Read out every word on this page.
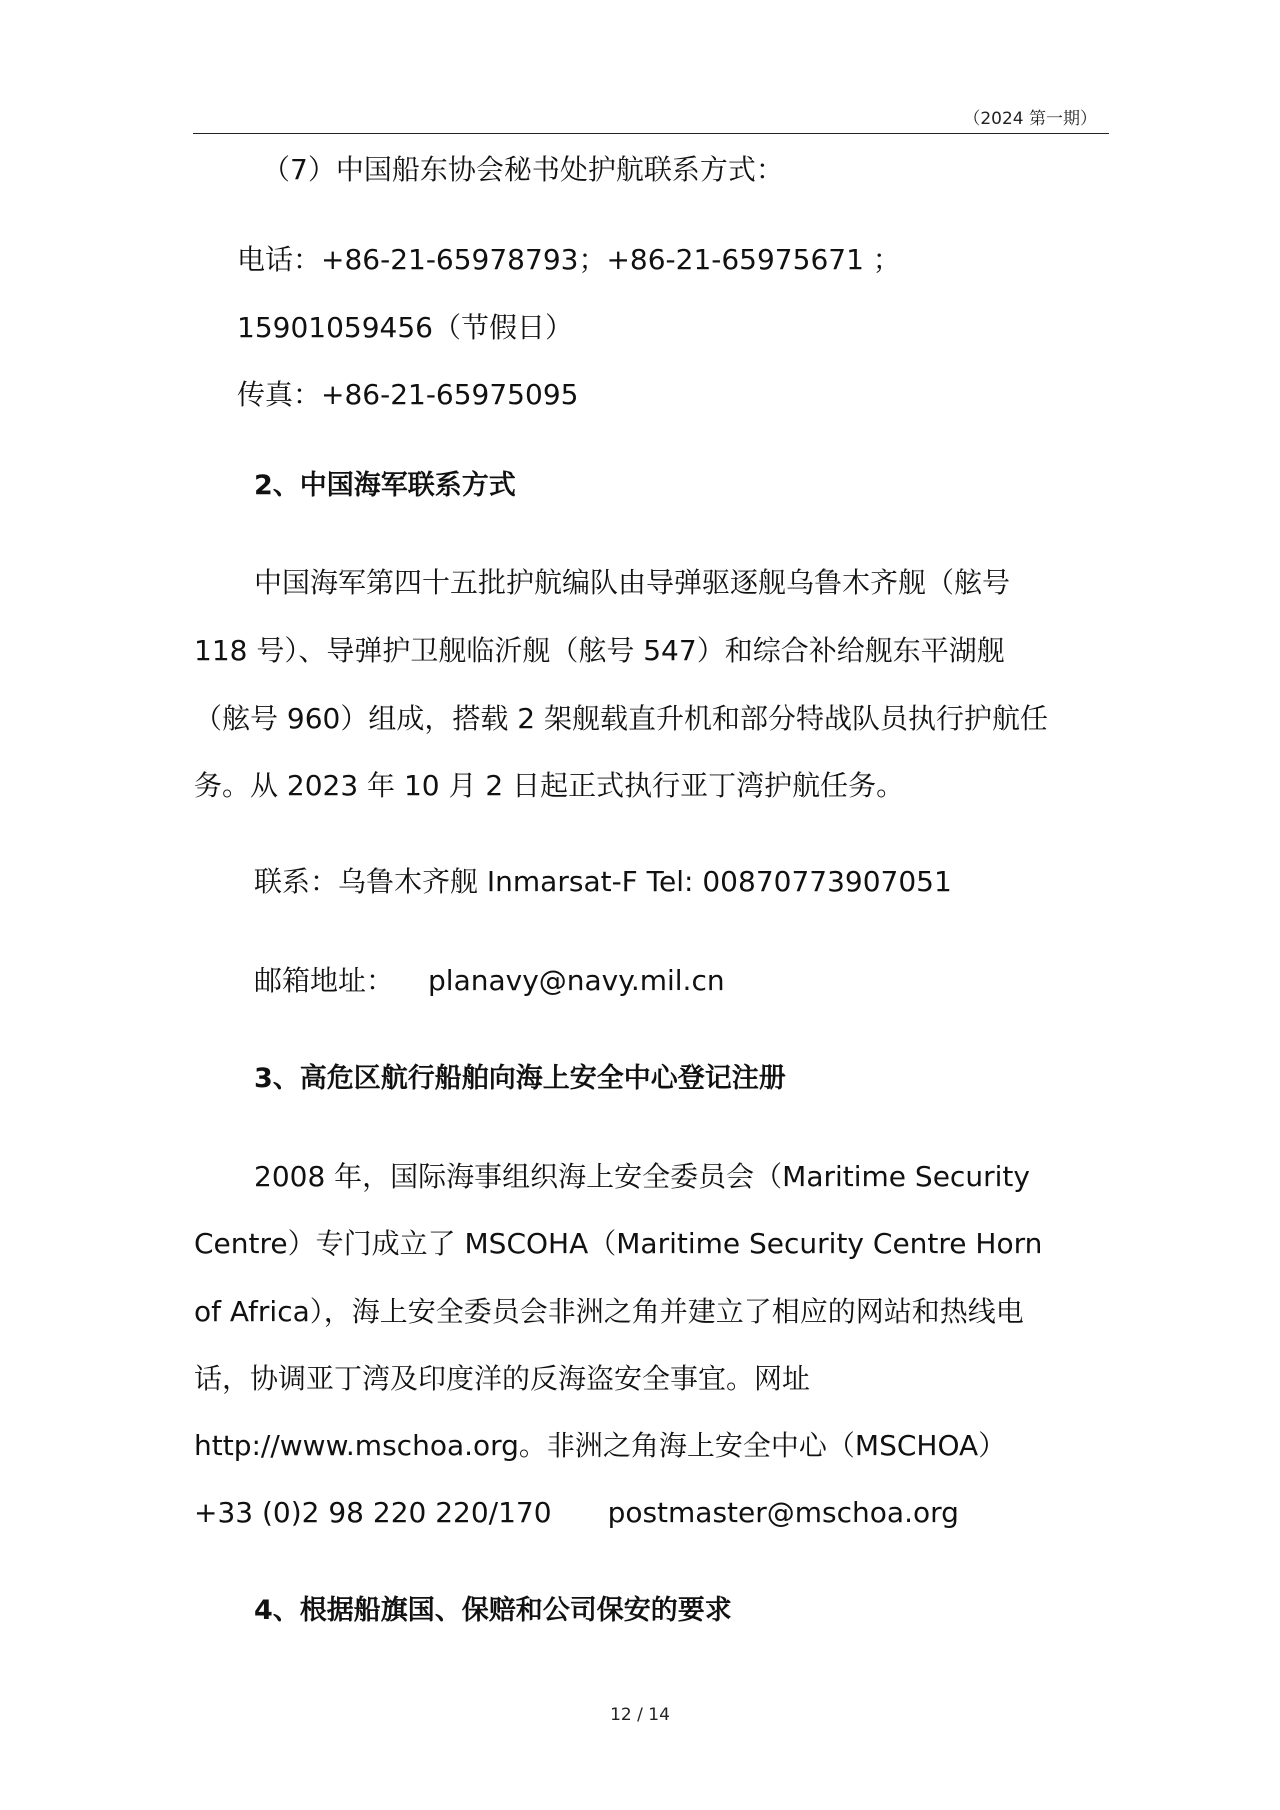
（2024 第一期）
（7）中国船东协会秘书处护航联系方式：
电话：+86-21-65978793；+86-21-65975671 ；
15901059456（节假日）
传真：+86-21-65975095
2、中国海军联系方式
中国海军第四十五批护航编队由导弹驱逐舰乌鲁木齐舰（舷号
118 号）、导弹护卫舰临沂舰（舷号 547）和综合补给舰东平湖舰
（舷号 960）组成，搭载 2 架舰载直升机和部分特战队员执行护航任
务。从 2023 年 10 月 2 日起正式执行亚丁湾护航任务。
联系：乌鲁木齐舰 Inmarsat-F Tel: 00870773907051
邮箱地址： planavy@navy.mil.cn
3、高危区航行船舶向海上安全中心登记注册
2008 年，国际海事组织海上安全委员会（Maritime Security
Centre）专门成立了 MSCOHA（Maritime Security Centre Horn
of Africa），海上安全委员会非洲之角并建立了相应的网站和热线电
话，协调亚丁湾及印度洋的反海盗安全事宜。网址
http://www.mschoa.org。非洲之角海上安全中心（MSCHOA）
+33 (0)2 98 220 220/170 postmaster@mschoa.org
4、根据船旗国、保赔和公司保安的要求
12 / 14
